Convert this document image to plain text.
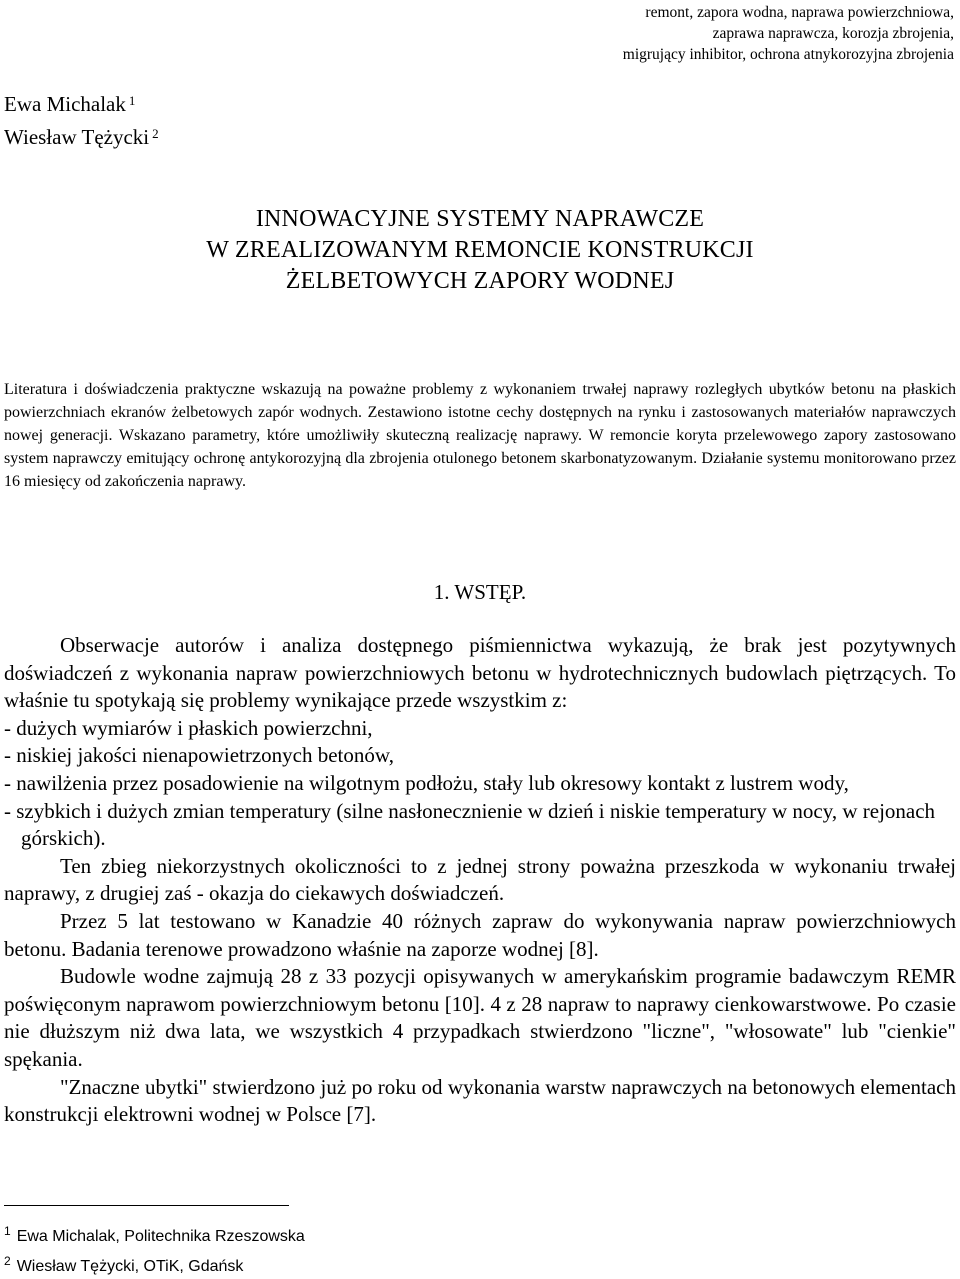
remont, zapora wodna, naprawa powierzchniowa,
zaprawa naprawcza, korozja zbrojenia,
migrujący inhibitor, ochrona atnykorozyjna zbrojenia
Ewa Michalak $^1$
Wiesław Tężycki $^2$
INNOWACYJNE SYSTEMY NAPRAWCZE
W ZREALIZOWANYM REMONCIE KONSTRUKCJI
ŻELBETOWYCH ZAPORY WODNEJ
Literatura i doświadczenia praktyczne wskazują na poważne problemy z wykonaniem trwałej naprawy rozległych ubytków betonu na płaskich powierzchniach ekranów żelbetowych zapór wodnych. Zestawiono istotne cechy dostępnych na rynku i zastosowanych materiałów naprawczych nowej generacji. Wskazano parametry, które umożliwiły skuteczną realizację naprawy. W remoncie koryta przelewowego zapory zastosowano system naprawczy emitujący ochronę antykorozyjną dla zbrojenia otulonego betonem skarbonatyzowanym. Działanie systemu monitorowano przez 16 miesięcy od zakończenia naprawy.
1. WSTĘP.

Obserwacje autorów i analiza dostępnego piśmiennictwa wykazują, że brak jest pozytywnych doświadczeń z wykonania napraw powierzchniowych betonu w hydrotechnicznych budowlach piętrzących. To właśnie tu spotykają się problemy wynikające przede wszystkim z:

- dużych wymiarów i płaskich powierzchni,
- niskiej jakości nienapowietrzonych betonów,
- nawilżenia przez posadowienie na wilgotnym podłożu, stały lub okresowy kontakt z lustrem wody,
- szybkich i dużych zmian temperatury (silne nasłonecznienie w dzień i niskie temperatury w nocy, w rejonach górskich).

Ten zbieg niekorzystnych okoliczności to z jednej strony poważna przeszkoda w wykonaniu trwałej naprawy, z drugiej zaś - okazja do ciekawych doświadczeń.

Przez 5 lat testowano w Kanadzie 40 różnych zapraw do wykonywania napraw powierzchniowych betonu. Badania terenowe prowadzono właśnie na zaporze wodnej [8].

Budowle wodne zajmują 28 z 33 pozycji opisywanych w amerykańskim programie badawczym REMR poświęconym naprawom powierzchniowym betonu [10]. 4 z 28 napraw to naprawy cienkowarstwowe. Po czasie nie dłuższym niż dwa lata, we wszystkich 4 przypadkach stwierdzono "liczne", "włosowate" lub "cienkie" spękania.

"Znaczne ubytki" stwierdzono już po roku od wykonania warstw naprawczych na betonowych elementach konstrukcji elektrowni wodnej w Polsce [7].

$^1$ Ewa Michalak, Politechnika Rzeszowska
$^2$ Wiesław Tężycki, OTiK, Gdańsk
